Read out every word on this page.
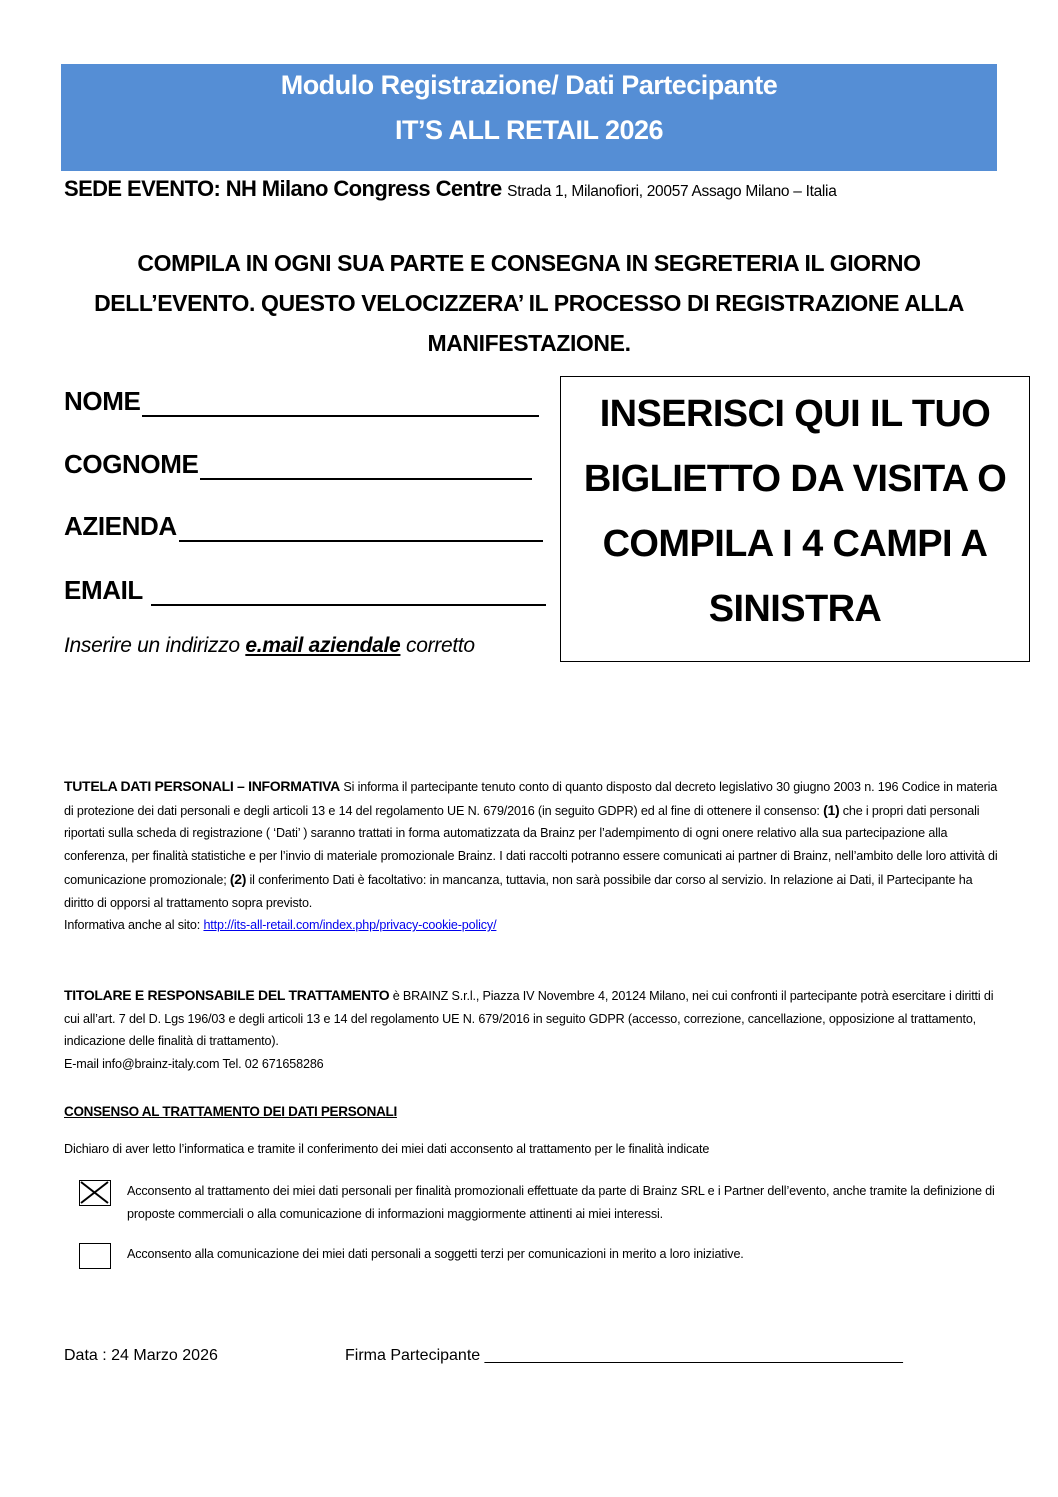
Modulo Registrazione/ Dati Partecipante
IT’S ALL RETAIL 2026
SEDE EVENTO: NH Milano Congress Centre Strada 1, Milanofiori, 20057 Assago Milano – Italia
COMPILA IN OGNI SUA PARTE E CONSEGNA IN SEGRETERIA IL GIORNO DELL’EVENTO. QUESTO VELOCIZZERA’ IL PROCESSO DI REGISTRAZIONE ALLA MANIFESTAZIONE.
NOME
COGNOME
AZIENDA
EMAIL
Inserire un indirizzo e.mail aziendale corretto
INSERISCI QUI IL TUO
BIGLIETTO DA VISITA O
COMPILA I 4 CAMPI A
SINISTRA
TUTELA DATI PERSONALI – INFORMATIVA Si informa il partecipante tenuto conto di quanto disposto dal decreto legislativo 30 giugno 2003 n. 196 Codice in materia di protezione dei dati personali e degli articoli 13 e 14 del regolamento UE N. 679/2016 (in seguito GDPR) ed al fine di ottenere il consenso: (1) che i propri dati personali riportati sulla scheda di registrazione ( ‘Dati’ ) saranno trattati in forma automatizzata da Brainz per l’adempimento di ogni onere relativo alla sua partecipazione alla conferenza, per finalità statistiche e per l’invio di materiale promozionale Brainz. I dati raccolti potranno essere comunicati ai partner di Brainz, nell’ambito delle loro attività di comunicazione promozionale; (2) il conferimento Dati è facoltativo: in mancanza, tuttavia, non sarà possibile dar corso al servizio. In relazione ai Dati, il Partecipante ha diritto di opporsi al trattamento sopra previsto.
Informativa anche al sito: http://its-all-retail.com/index.php/privacy-cookie-policy/
TITOLARE E RESPONSABILE DEL TRATTAMENTO è BRAINZ S.r.l., Piazza IV Novembre 4, 20124 Milano, nei cui confronti il partecipante potrà esercitare i diritti di cui all’art. 7 del D. Lgs 196/03 e degli articoli 13 e 14 del regolamento UE N. 679/2016 in seguito GDPR (accesso, correzione, cancellazione, opposizione al trattamento, indicazione delle finalità di trattamento).
E-mail info@brainz-italy.com Tel. 02 671658286
CONSENSO AL TRATTAMENTO DEI DATI PERSONALI
Dichiaro di aver letto l’informatica e tramite il conferimento dei miei dati acconsento al trattamento per le finalità indicate
Acconsento al trattamento dei miei dati personali per finalità promozionali effettuate da parte di Brainz SRL e i Partner dell’evento, anche tramite la definizione di proposte commerciali o alla comunicazione di informazioni maggiormente attinenti ai miei interessi.
Acconsento alla comunicazione dei miei dati personali a soggetti terzi per comunicazioni in merito a loro iniziative.
Data : 24 Marzo 2026	Firma Partecipante _______________________________________________
